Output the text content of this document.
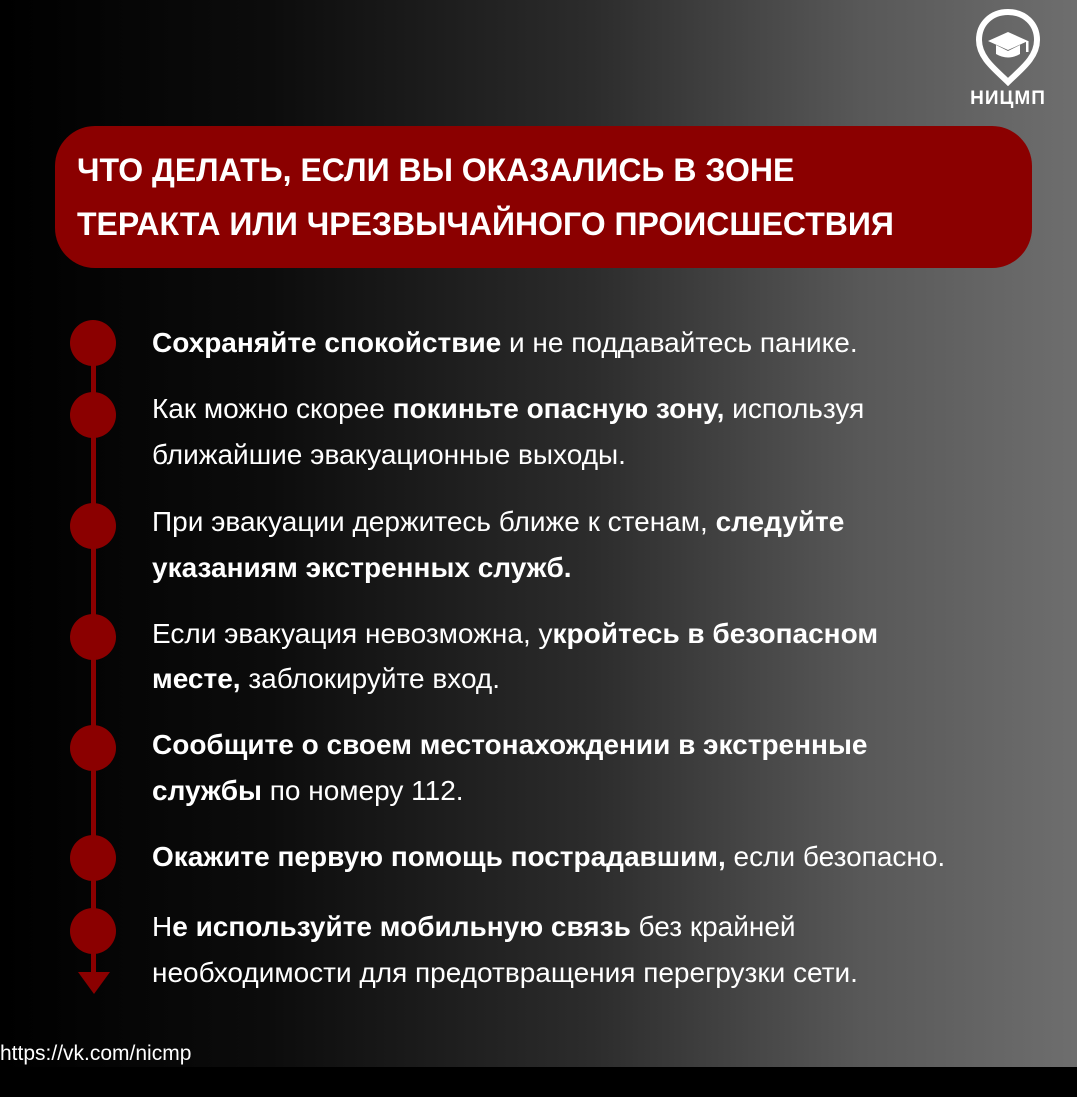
НИЦМП

ЧТО ДЕЛАТЬ, ЕСЛИ ВЫ ОКАЗАЛИСЬ В ЗОНЕ

ТЕРАКТА ИЛИ ЧРЕЗВЫЧАЙНОГО ПРОИСШЕСТВИЯ

Сохраняйте спокойствие и не поддавайтесь панике.

Как можно скорее покиньте опасную зону, используя

ближайшие эвакуационные выходы.

При эвакуации держитесь ближе к стенам, следуйте

указаниям экстренных служб.

Если эвакуация невозможна, укройтесь в безопасном

месте, заблокируйте вход.

Сообщите о своем местонахождении в экстренные

службы по номеру 112.

Окажите первую помощь пострадавшим, если безопасно.

Не используйте мобильную связь без крайней

необходимости для предотвращения перегрузки сети.

https://vk.com/nicmp
